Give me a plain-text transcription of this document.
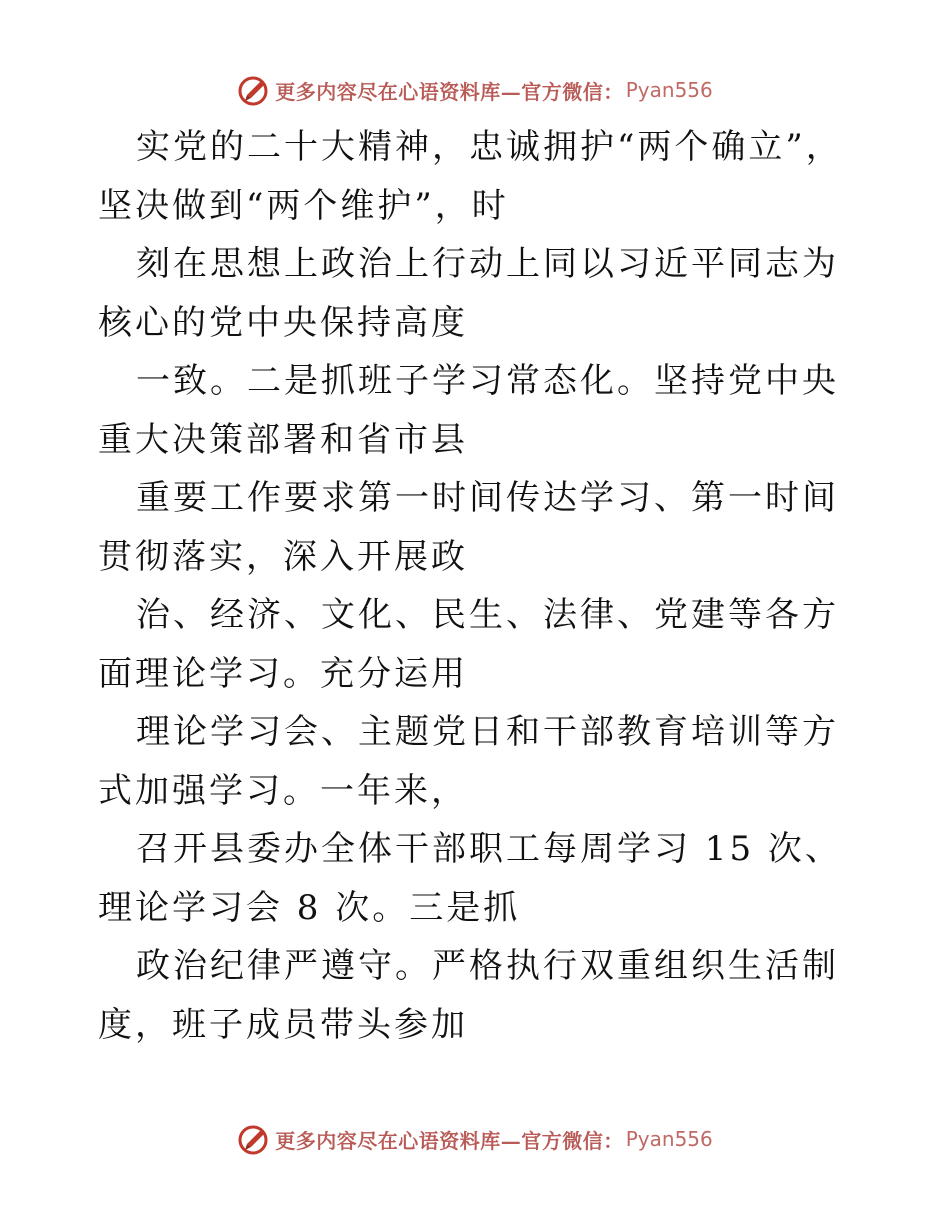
更多内容尽在心语资料库—官方微信： Pyan556

实党的二十大精神，忠诚拥护“两个确立”，坚决做到“两个维护”，时

刻在思想上政治上行动上同以习近平同志为核心的党中央保持高度

一致。二是抓班子学习常态化。坚持党中央重大决策部署和省市县

重要工作要求第一时间传达学习、第一时间贯彻落实，深入开展政

治、经济、文化、民生、法律、党建等各方面理论学习。充分运用

理论学习会、主题党日和干部教育培训等方式加强学习。一年来，

召开县委办全体干部职工每周学习 15 次、理论学习会 8 次。三是抓

政治纪律严遵守。严格执行双重组织生活制度，班子成员带头参加

更多内容尽在心语资料库—官方微信： Pyan556
